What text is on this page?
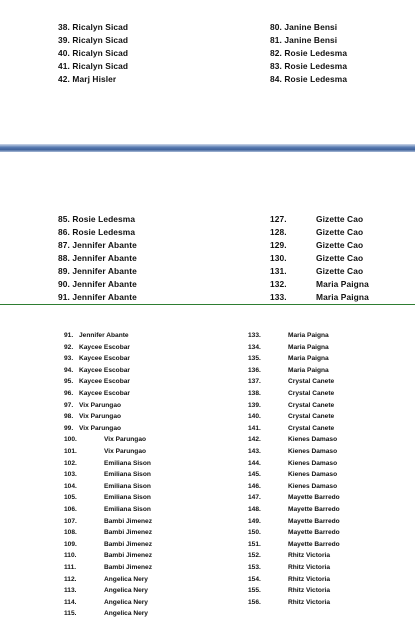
38. Ricalyn Sicad
39. Ricalyn Sicad
40. Ricalyn Sicad
41. Ricalyn Sicad
42. Marj Hisler
80. Janine Bensi
81. Janine Bensi
82. Rosie Ledesma
83. Rosie Ledesma
84. Rosie Ledesma
85. Rosie Ledesma
86. Rosie Ledesma
87. Jennifer Abante
88. Jennifer Abante
89. Jennifer Abante
90. Jennifer Abante
91. Jennifer Abante
127.	Gizette Cao
128.	Gizette Cao
129.	Gizette Cao
130.	Gizette Cao
131.	Gizette Cao
132.	Maria Paigna
133.	Maria Paigna
91. Jennifer Abante
92. Kaycee Escobar
93. Kaycee Escobar
94. Kaycee Escobar
95. Kaycee Escobar
96. Kaycee Escobar
97. Vix Parungao
98. Vix Parungao
99. Vix Parungao
100.	Vix Parungao
101.	Vix Parungao
102.	Emiliana Sison
103.	Emiliana Sison
104.	Emiliana Sison
105.	Emiliana Sison
106.	Emiliana Sison
107.	Bambi Jimenez
108.	Bambi Jimenez
109.	Bambi Jimenez
110.	Bambi Jimenez
111.	Bambi Jimenez
112.	Angelica Nery
113.	Angelica Nery
114.	Angelica Nery
115.	Angelica Nery
133.	Maria Paigna
134.	Maria Paigna
135.	Maria Paigna
136.	Maria Paigna
137.	Crystal Canete
138.	Crystal Canete
139.	Crystal Canete
140.	Crystal Canete
141.	Crystal Canete
142.	Kienes Damaso
143.	Kienes Damaso
144.	Kienes Damaso
145.	Kienes Damaso
146.	Kienes Damaso
147.	Mayette Barredo
148.	Mayette Barredo
149.	Mayette Barredo
150.	Mayette Barredo
151.	Mayette Barredo
152.	Rhitz Victoria
153.	Rhitz Victoria
154.	Rhitz Victoria
155.	Rhitz Victoria
156.	Rhitz Victoria
